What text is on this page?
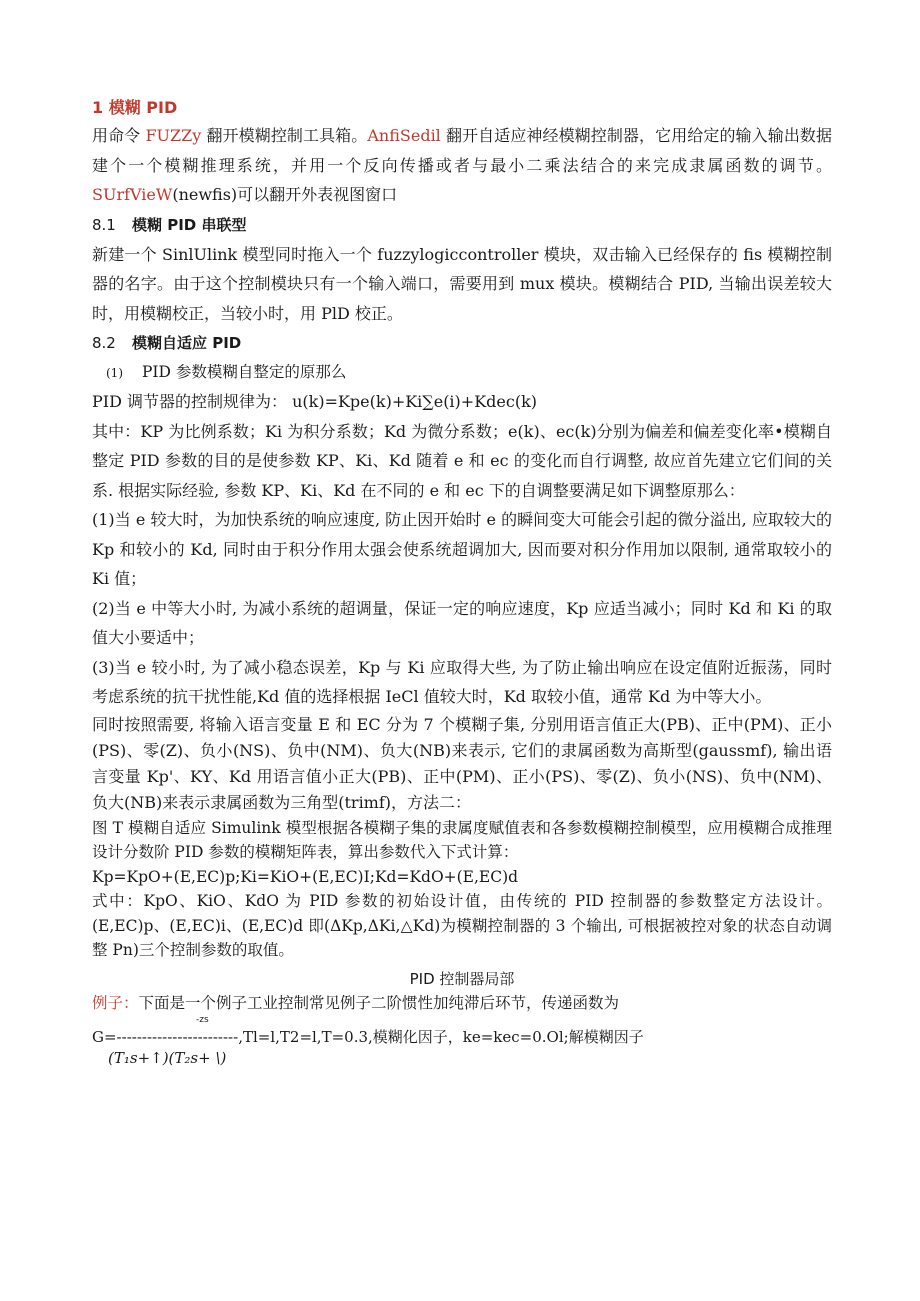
1 模糊 PID

用命令 FUZZy 翻开模糊控制工具箱。AnfiSedil 翻开自适应神经模糊控制器，它用给定的输入输出数据建个一个模糊推理系统，并用一个反向传播或者与最小二乘法结合的来完成隶属函数的调节。SUrfVieW(newfis)可以翻开外表视图窗口

8.1 模糊 PID 串联型

新建一个 SinlUlink 模型同时拖入一个 fuzzylogiccontroller 模块，双击输入已经保存的 fis 模糊控制器的名字。由于这个控制模块只有一个输入端口，需要用到 mux 模块。模糊结合 PID, 当输出误差较大时，用模糊校正，当较小时，用 PlD 校正。

8.2 模糊自适应 PID
(1) PID 参数模糊自整定的原那么

PID 调节器的控制规律为： u(k)=Kpe(k)+Ki∑e(i)+Kdec(k)

其中：KP 为比例系数；Ki 为积分系数；Kd 为微分系数；e(k)、ec(k)分别为偏差和偏差变化率•模糊自整定 PID 参数的目的是使参数 KP、Ki、Kd 随着 e 和 ec 的变化而自行调整, 故应首先建立它们间的关系. 根据实际经验, 参数 KP、Ki、Kd 在不同的 e 和 ec 下的自调整要满足如下调整原那么：

(1)当 e 较大时，为加快系统的响应速度, 防止因开始时 e 的瞬间变大可能会引起的微分溢出, 应取较大的 Kp 和较小的 Kd, 同时由于积分作用太强会使系统超调加大, 因而要对积分作用加以限制, 通常取较小的 Ki 值；

(2)当 e 中等大小时, 为减小系统的超调量，保证一定的响应速度，Kp 应适当减小；同时 Kd 和 Ki 的取值大小要适中；

(3)当 e 较小时, 为了减小稳态误差，Kp 与 Ki 应取得大些, 为了防止输出响应在设定值附近振荡，同时考虑系统的抗干扰性能,Kd 值的选择根据 IeCl 值较大时，Kd 取较小值，通常 Kd 为中等大小。

同时按照需要, 将输入语言变量 E 和 EC 分为 7 个模糊子集, 分别用语言值正大(PB)、正中(PM)、正小(PS)、零(Z)、负小(NS)、负中(NM)、负大(NB)来表示, 它们的隶属函数为高斯型(gaussmf), 输出语言变量 Kp'、KY、Kd 用语言值小正大(PB)、正中(PM)、正小(PS)、零(Z)、负小(NS)、负中(NM)、负大(NB)来表示隶属函数为三角型(trimf)，方法二：

图 T 模糊自适应 Simulink 模型根据各模糊子集的隶属度赋值表和各参数模糊控制模型，应用模糊合成推理设计分数阶 PID 参数的模糊矩阵表，算出参数代入下式计算：

Kp=KpO+(E,EC)p;Ki=KiO+(E,EC)I;Kd=KdO+(E,EC)d

式中：KpO、KiO、KdO 为 PID 参数的初始设计值，由传统的 PID 控制器的参数整定方法设计。(E,EC)p、(E,EC)i、(E,EC)d 即(ΔKp,ΔKi,△Kd)为模糊控制器的 3 个输出, 可根据被控对象的状态自动调整 Pn)三个控制参数的取值。

PID 控制器局部

例子：下面是一个例子工业控制常见例子二阶惯性加纯滞后环节，传递函数为

-zs
G=------------------------,Tl=l,T2=l,T=0.3,模糊化因子，ke=kec=0.Ol;解模糊因子
(T₁s+↑)(T₂s+ \)
